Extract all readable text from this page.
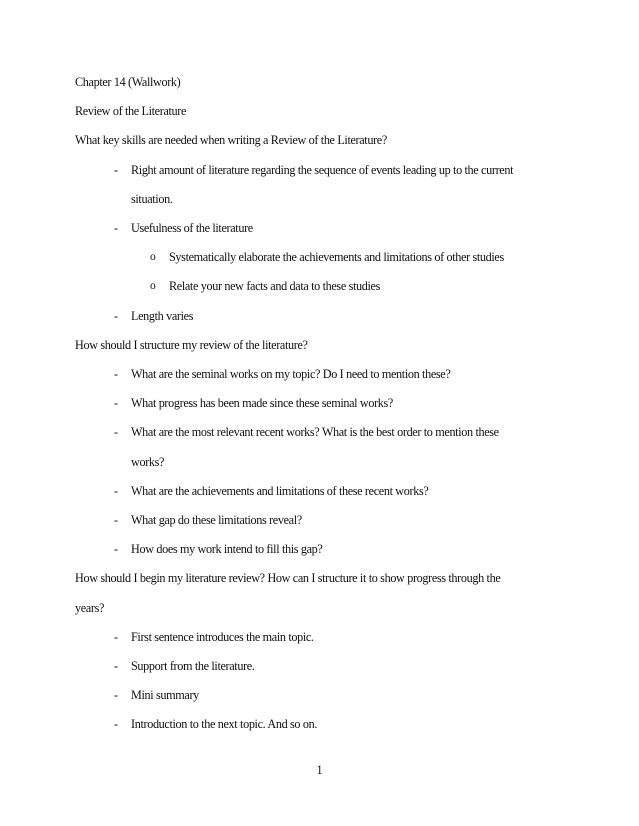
Chapter 14 (Wallwork)
Review of the Literature
What key skills are needed when writing a Review of the Literature?
- Right amount of literature regarding the sequence of events leading up to the current
situation.
- Usefulness of the literature
o Systematically elaborate the achievements and limitations of other studies
o Relate your new facts and data to these studies
- Length varies
How should I structure my review of the literature?
- What are the seminal works on my topic? Do I need to mention these?
- What progress has been made since these seminal works?
- What are the most relevant recent works? What is the best order to mention these
works?
- What are the achievements and limitations of these recent works?
- What gap do these limitations reveal?
- How does my work intend to fill this gap?
How should I begin my literature review? How can I structure it to show progress through the
years?
- First sentence introduces the main topic.
- Support from the literature.
- Mini summary
- Introduction to the next topic. And so on.
1
